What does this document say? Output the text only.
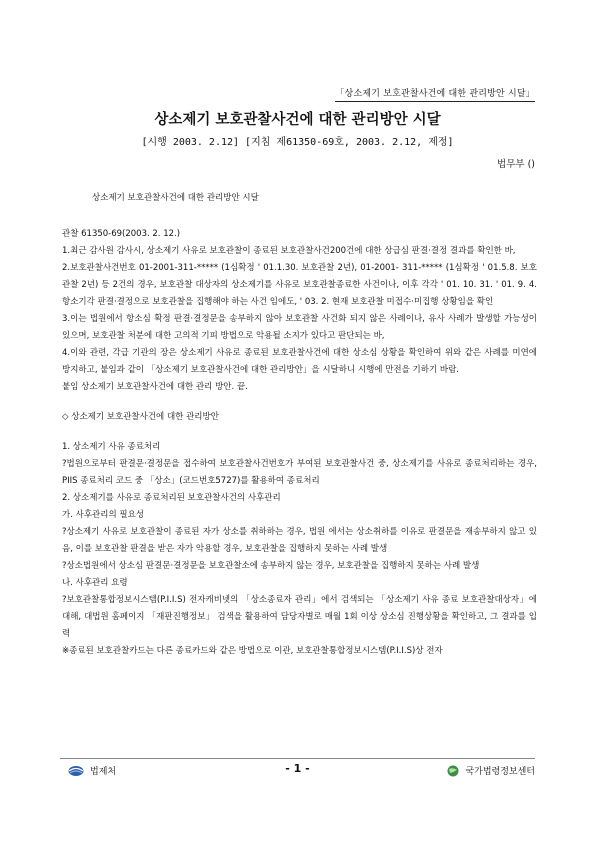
「상소제기 보호관찰사건에 대한 관리방안 시달」
상소제기 보호관찰사건에 대한 관리방안 시달
[시행 2003. 2.12] [지침 제61350-69호, 2003. 2.12, 제정]
법무부 ()

상소제기 보호관찰사건에 대한 관리방안 시달

관찰 61350-69(2003. 2. 12.)

1.최근 감사원 감사시, 상소제기 사유로 보호관찰이 종료된 보호관찰사건200건에 대한 상급심 판결·결정 결과를 확인한 바,

2.보호관찰사건번호 01-2001-311-***** (1심확정 ' 01.1.30. 보호관찰 2년), 01-2001- 311-***** (1심확정 ' 01.5.8. 보호관찰 2년) 등 2건의 경우, 보호관찰 대상자의 상소제기를 사유로 보호관찰종료한 사건이나, 이후 각각 ' 01. 10. 31. ' 01. 9. 4. 항소기각 판결·결정으로 보호관찰을 집행해야 하는 사건 임에도, ' 03. 2. 현재 보호관찰 미접수·미집행 상황임을 확인

3.이는 법원에서 항소심 확정 판결·결정문을 송부하지 않아 보호관찰 사건화 되지 않은 사례이나, 유사 사례가 발생할 가능성이 있으며, 보호관찰 처분에 대한 고의적 기피 방법으로 악용될 소지가 있다고 판단되는 바,

4.이와 관련, 각급 기관의 장은 상소제기 사유로 종료된 보호관찰사건에 대한 상소심 상황을 확인하여 위와 같은 사례를 미연에 방지하고, 붙임과 같이 「상소제기 보호관찰사건에 대한 관리방안」을 시달하니 시행에 만전을 기하기 바람.

붙임 상소제기 보호관찰사건에 대한 관리 방안. 끝.

◇ 상소제기 보호관찰사건에 대한 관리방안

1. 상소제기 사유 종료처리

?법원으로부터 판결문·결정문을 접수하여 보호관찰사건번호가 부여된 보호관찰사건 중, 상소제기를 사유로 종료처리하는 경우, PIIS 종료처리 코드 중 「상소」(코드번호5727)를 활용하여 종료처리

2. 상소제기를 사유로 종료처리된 보호관찰사건의 사후관리

가. 사후관리의 필요성

?상소제기 사유로 보호관찰이 종료된 자가 상소를 취하하는 경우, 법원 에서는 상소취하를 이유로 판결문을 재송부하지 않고 있음, 이를 보호관찰 판결을 받은 자가 악용할 경우, 보호관찰을 집행하지 못하는 사례 발생

?상소법원에서 상소심 판결문·결정문을 보호관찰소에 송부하지 않는 경우, 보호관찰을 집행하지 못하는 사례 발생

나. 사후관리 요령

?보호관찰통합정보시스템(P.I.I.S) 전자캐비넷의 「상소종료자 관리」에서 검색되는 「상소제기 사유 종료 보호관찰대상자」에 대해, 대법원 홈페이지 「재판진행정보」 검색을 활용하여 담당자별로 매월 1회 이상 상소심 진행상황을 확인하고, 그 결과를 입력

※종료된 보호관찰카드는 다른 종료카드와 같은 방법으로 이관, 보호관찰통합정보시스템(P.I.I.S)상 전자

법제처	- 1 -	국가법령정보센터
